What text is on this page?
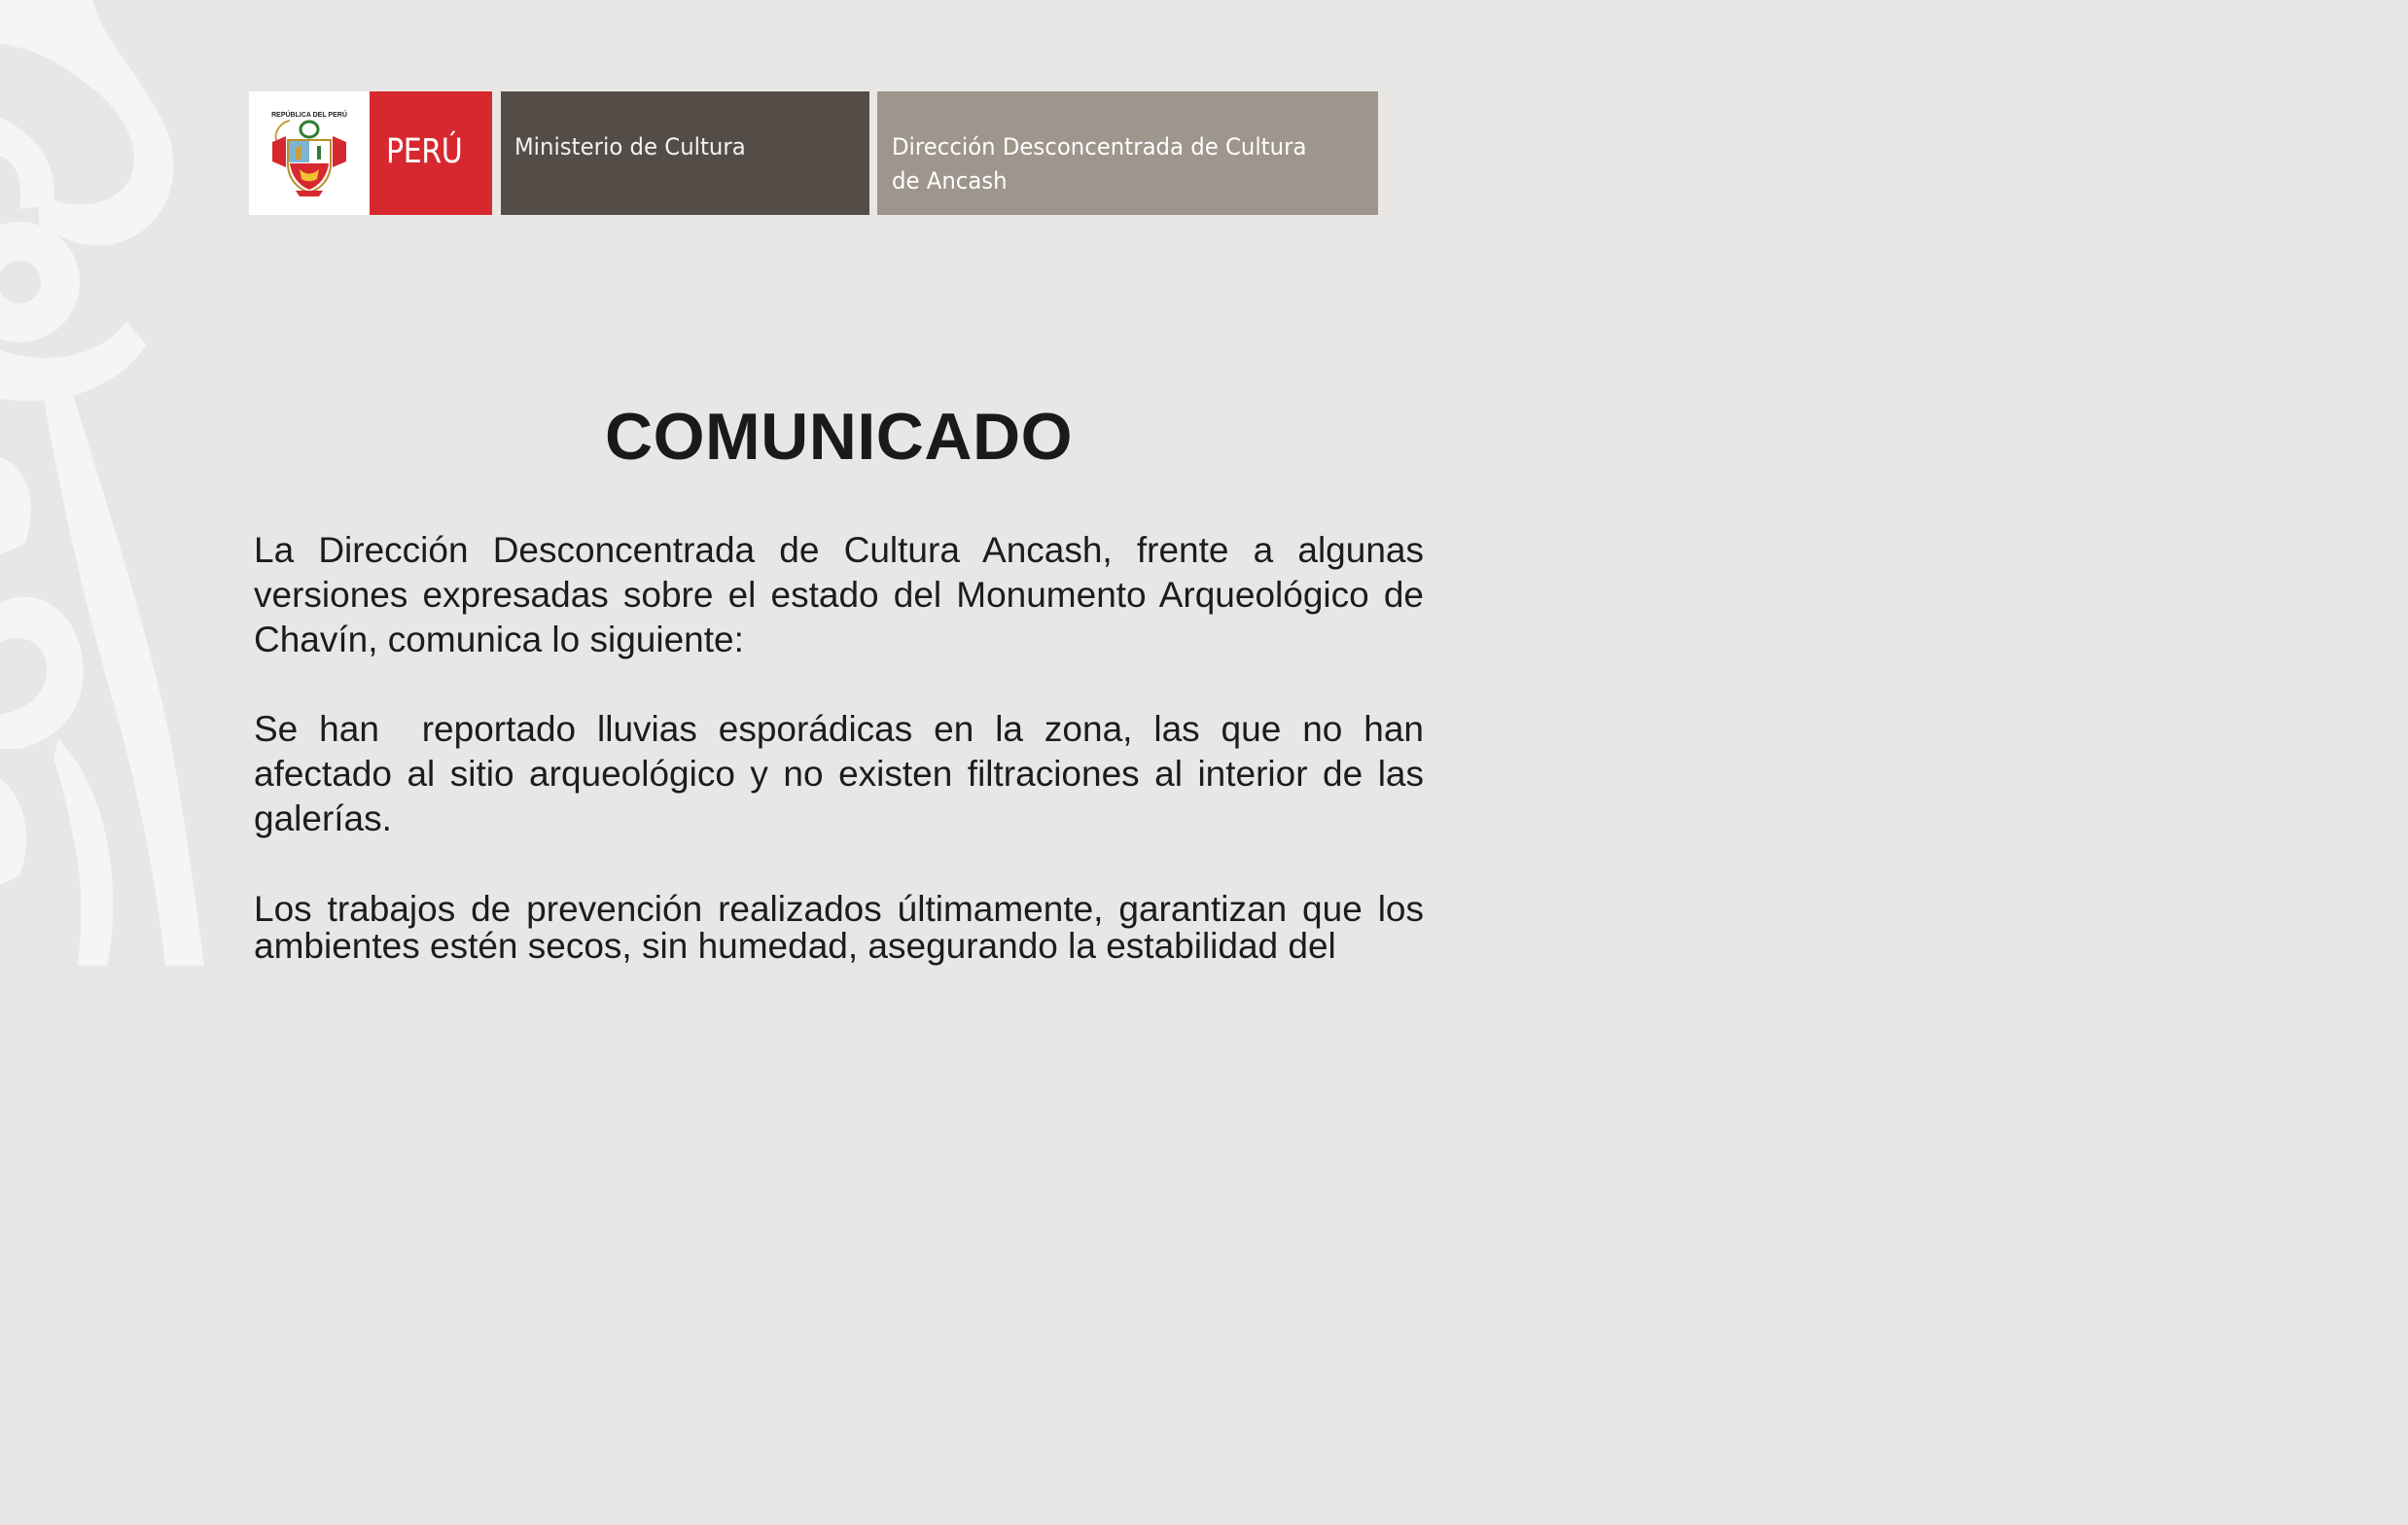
REPÚBLICA DEL PERÚ
PERÚ Ministerio de Cultura	Dirección Desconcentrada de Cultura de Ancash
COMUNICADO
La Dirección Desconcentrada de Cultura Ancash, frente a algunas versiones expresadas sobre el estado del Monumento Arqueológico de Chavín, comunica lo siguiente:
Se han  reportado lluvias esporádicas en la zona, las que no han afectado al sitio arqueológico y no existen filtraciones al interior de las galerías.
Los trabajos de prevención realizados últimamente, garantizan que los ambientes estén secos, sin humedad, asegurando la estabilidad del
